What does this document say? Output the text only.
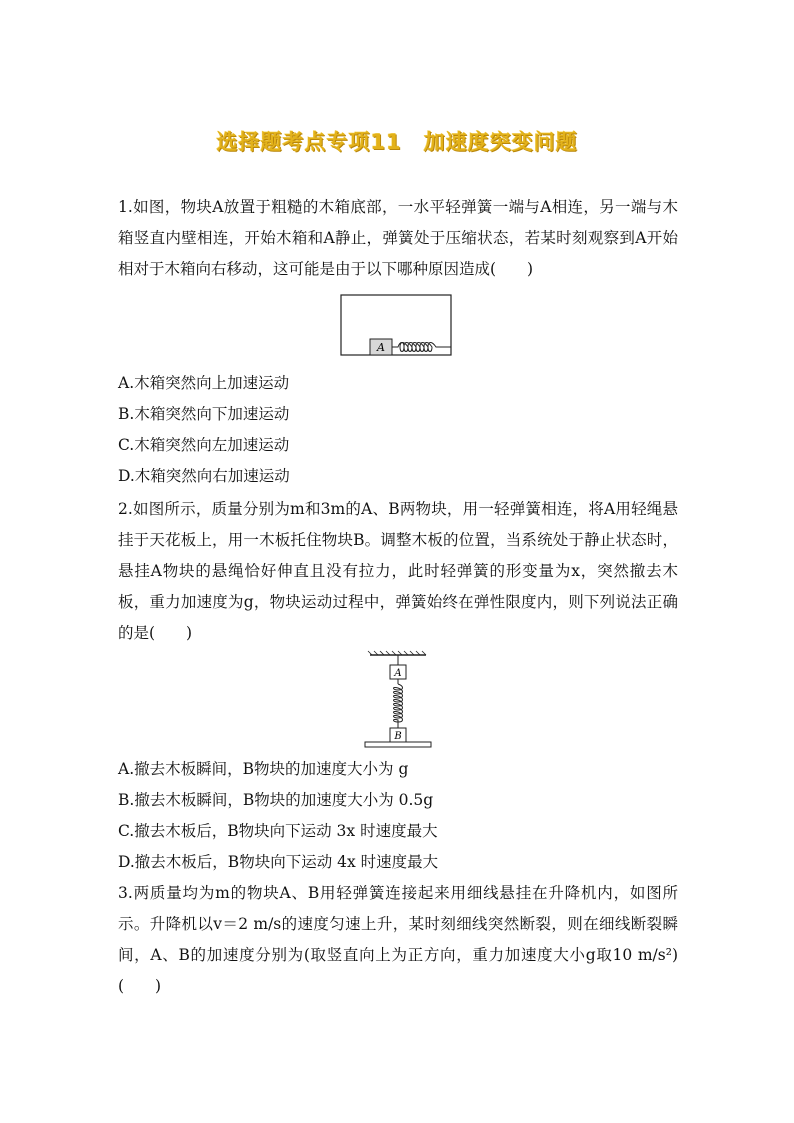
选择题考点专项11　加速度突变问题
1.如图，物块A放置于粗糙的木箱底部，一水平轻弹簧一端与A相连，另一端与木箱竖直内壁相连，开始木箱和A静止，弹簧处于压缩状态，若某时刻观察到A开始相对于木箱向右移动，这可能是由于以下哪种原因造成(　　)
A
A.木箱突然向上加速运动
B.木箱突然向下加速运动
C.木箱突然向左加速运动
D.木箱突然向右加速运动
2.如图所示，质量分别为m和3m的A、B两物块，用一轻弹簧相连，将A用轻绳悬挂于天花板上，用一木板托住物块B。调整木板的位置，当系统处于静止状态时，悬挂A物块的悬绳恰好伸直且没有拉力，此时轻弹簧的形变量为x，突然撤去木板，重力加速度为g，物块运动过程中，弹簧始终在弹性限度内，则下列说法正确的是(　　)
A
B
A.撤去木板瞬间，B物块的加速度大小为 g
B.撤去木板瞬间，B物块的加速度大小为 0.5g
C.撤去木板后，B物块向下运动 3x 时速度最大
D.撤去木板后，B物块向下运动 4x 时速度最大
3.两质量均为m的物块A、B用轻弹簧连接起来用细线悬挂在升降机内，如图所示。升降机以v＝2 m/s的速度匀速上升，某时刻细线突然断裂，则在细线断裂瞬间，A、B的加速度分别为(取竖直向上为正方向，重力加速度大小g取10 m/s²)(　　)
